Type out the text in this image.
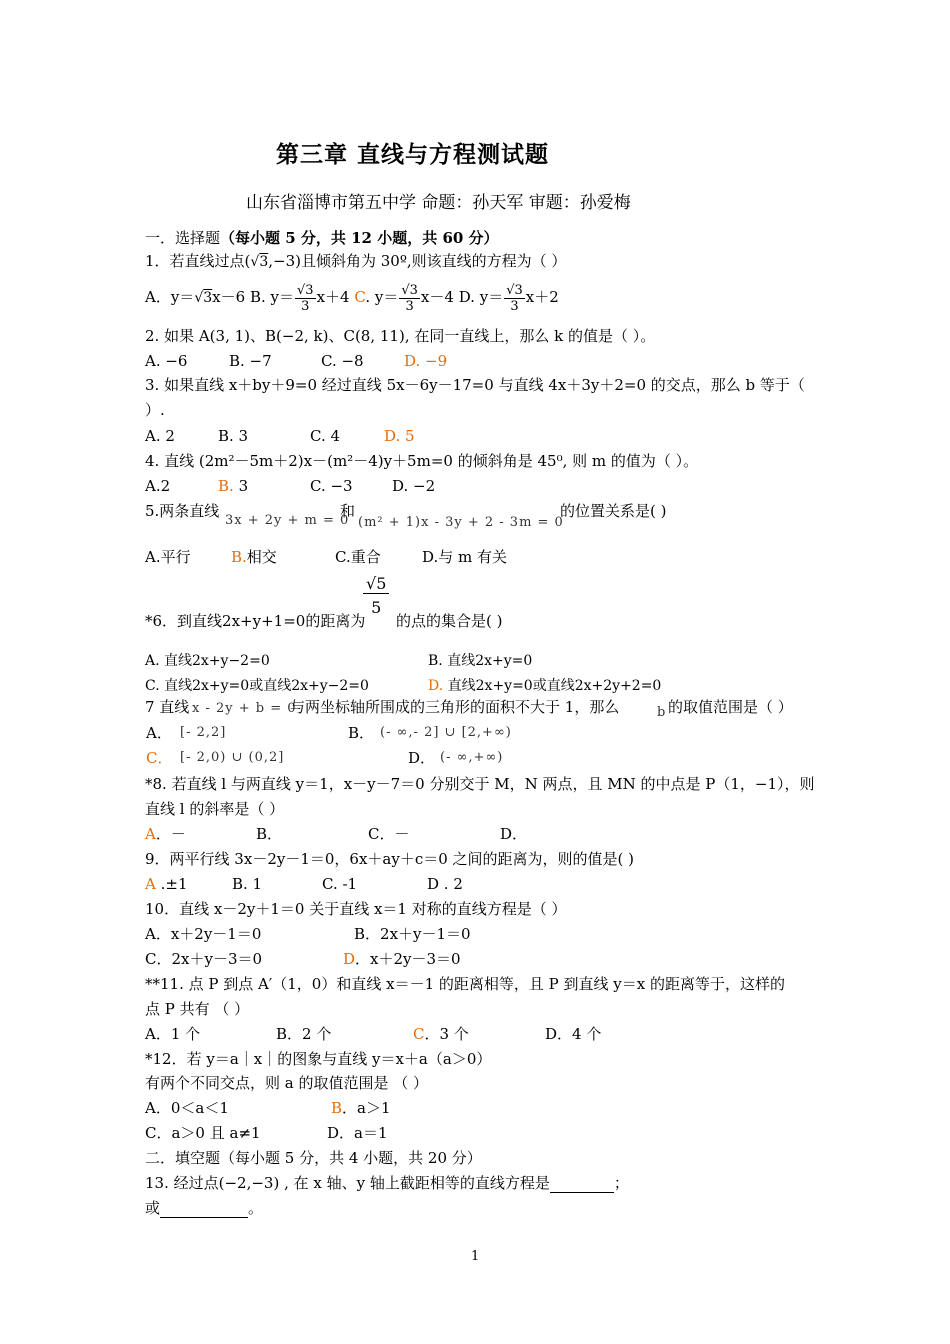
第三章 直线与方程测试题
山东省淄博市第五中学 命题：孙天军 审题：孙爱梅
一．选择题（每小题 5 分，共 12 小题，共 60 分）
1．若直线过点(√3,−3)且倾斜角为 30º,则该直线的方程为（ ）
A．y＝√3x－6 B. $y= \frac{√3}{3} x+4$ C. $y= \frac{√3}{3} x-4$ D. $y= \frac{√3}{3} x+2$
2. 如果 A(3, 1)、B(−2, k)、C(8, 11), 在同一直线上，那么 k 的值是（ ）。
A. −6	B. −7	C. −8	D. −9
3. 如果直线 x＋by＋9=0 经过直线 5x－6y－17=0 与直线 4x＋3y＋2=0 的交点，那么 b 等于（
）.
A. 2	B. 3	C. 4	D. 5
4. 直线 (2m²－5m＋2)x－(m²－4)y＋5m=0 的倾斜角是 45⁰, 则 m 的值为（ ）。
A.2	B. 3	C. −3	D. −2
5.两条直线
3x + 2y + m = 0
和
(m² + 1)x - 3y + 2 - 3m = 0
的位置关系是( )
A.平行	B.相交	C.重合	D.与 m 有关
*6．到直线2x+y+1=0的距离为
√5
5
的点的集合是( )
A. 直线2x+y−2=0	B. 直线2x+y=0
C. 直线2x+y=0或直线2x+y−2=0	D. 直线2x+y=0或直线2x+2y+2=0
7 直线 x - 2y + b = 0
与两坐标轴所围成的三角形的面积不大于 1，那么	b 的取值范围是（ ）
A． [- 2,2]	B． (- ∞,- 2] ∪ [2,+∞)
C． [- 2,0) ∪ (0,2]	D． (- ∞,+∞)
*8. 若直线 l 与两直线 y＝1，x－y－7＝0 分别交于 M，N 两点，且 MN 的中点是 P（1，−1），则
直线 l 的斜率是（ ）
A．－	B．	C．－	D．
9．两平行线 3x－2y－1＝0，6x＋ay＋c＝0 之间的距离为，则的值是( )
A .±1	B. 1	C. -1	D . 2
10．直线 x－2y＋1＝0 关于直线 x＝1 对称的直线方程是（ ）
A．x＋2y－1＝0	B．2x＋y－1＝0
C．2x＋y－3＝0	D．x＋2y－3＝0
**11. 点 P 到点 A′（1，0）和直线 x＝－1 的距离相等，且 P 到直线 y＝x 的距离等于，这样的
点 P 共有 （ ）
A．1 个	B．2 个	C．3 个	D．4 个
*12．若 y＝a｜x｜的图象与直线 y＝x＋a（a＞0）
有两个不同交点，则 a 的取值范围是 （ ）
A．0＜a＜1	B．a＞1
C．a＞0 且 a≠1	D．a＝1
二．填空题（每小题 5 分，共 4 小题，共 20 分）
13. 经过点(−2,−3) , 在 x 轴、y 轴上截距相等的直线方程是	；
或	。
1
